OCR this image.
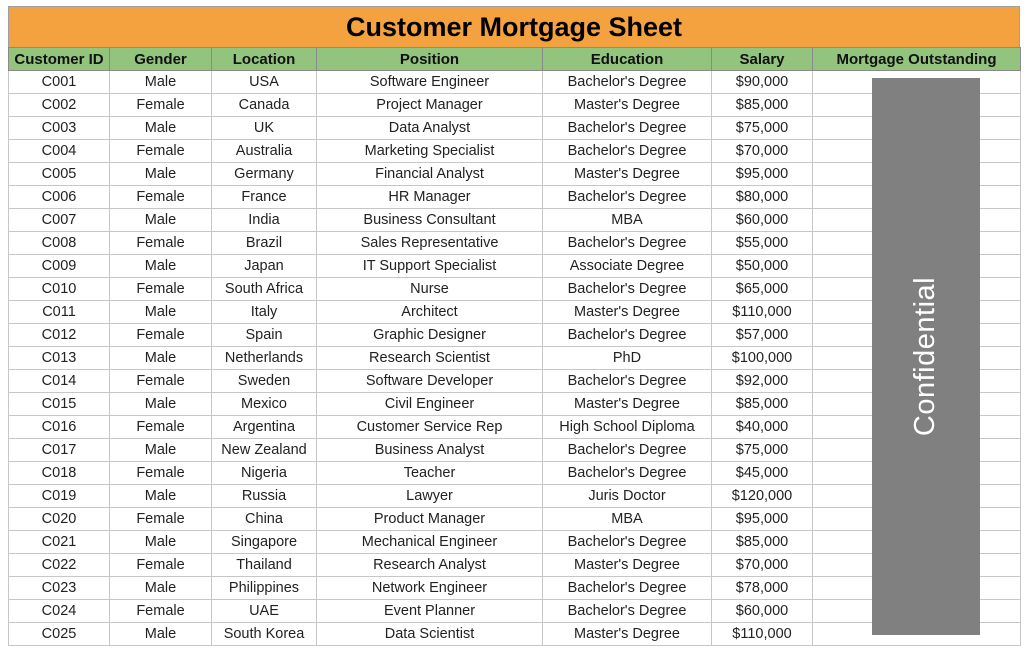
Customer Mortgage Sheet
Customer ID	Gender	Location	Position	Education	Salary	Mortgage Outstanding
C001	Male	USA	Software Engineer	Bachelor's Degree	$90,000	
C002	Female	Canada	Project Manager	Master's Degree	$85,000	
C003	Male	UK	Data Analyst	Bachelor's Degree	$75,000	
C004	Female	Australia	Marketing Specialist	Bachelor's Degree	$70,000	
C005	Male	Germany	Financial Analyst	Master's Degree	$95,000	
C006	Female	France	HR Manager	Bachelor's Degree	$80,000	
C007	Male	India	Business Consultant	MBA	$60,000	
C008	Female	Brazil	Sales Representative	Bachelor's Degree	$55,000	
C009	Male	Japan	IT Support Specialist	Associate Degree	$50,000	
C010	Female	South Africa	Nurse	Bachelor's Degree	$65,000	
C011	Male	Italy	Architect	Master's Degree	$110,000	
C012	Female	Spain	Graphic Designer	Bachelor's Degree	$57,000	
C013	Male	Netherlands	Research Scientist	PhD	$100,000	
C014	Female	Sweden	Software Developer	Bachelor's Degree	$92,000	
C015	Male	Mexico	Civil Engineer	Master's Degree	$85,000	
C016	Female	Argentina	Customer Service Rep	High School Diploma	$40,000	
C017	Male	New Zealand	Business Analyst	Bachelor's Degree	$75,000	
C018	Female	Nigeria	Teacher	Bachelor's Degree	$45,000	
C019	Male	Russia	Lawyer	Juris Doctor	$120,000	
C020	Female	China	Product Manager	MBA	$95,000	
C021	Male	Singapore	Mechanical Engineer	Bachelor's Degree	$85,000	
C022	Female	Thailand	Research Analyst	Master's Degree	$70,000	
C023	Male	Philippines	Network Engineer	Bachelor's Degree	$78,000	
C024	Female	UAE	Event Planner	Bachelor's Degree	$60,000	
C025	Male	South Korea	Data Scientist	Master's Degree	$110,000	
Confidential
